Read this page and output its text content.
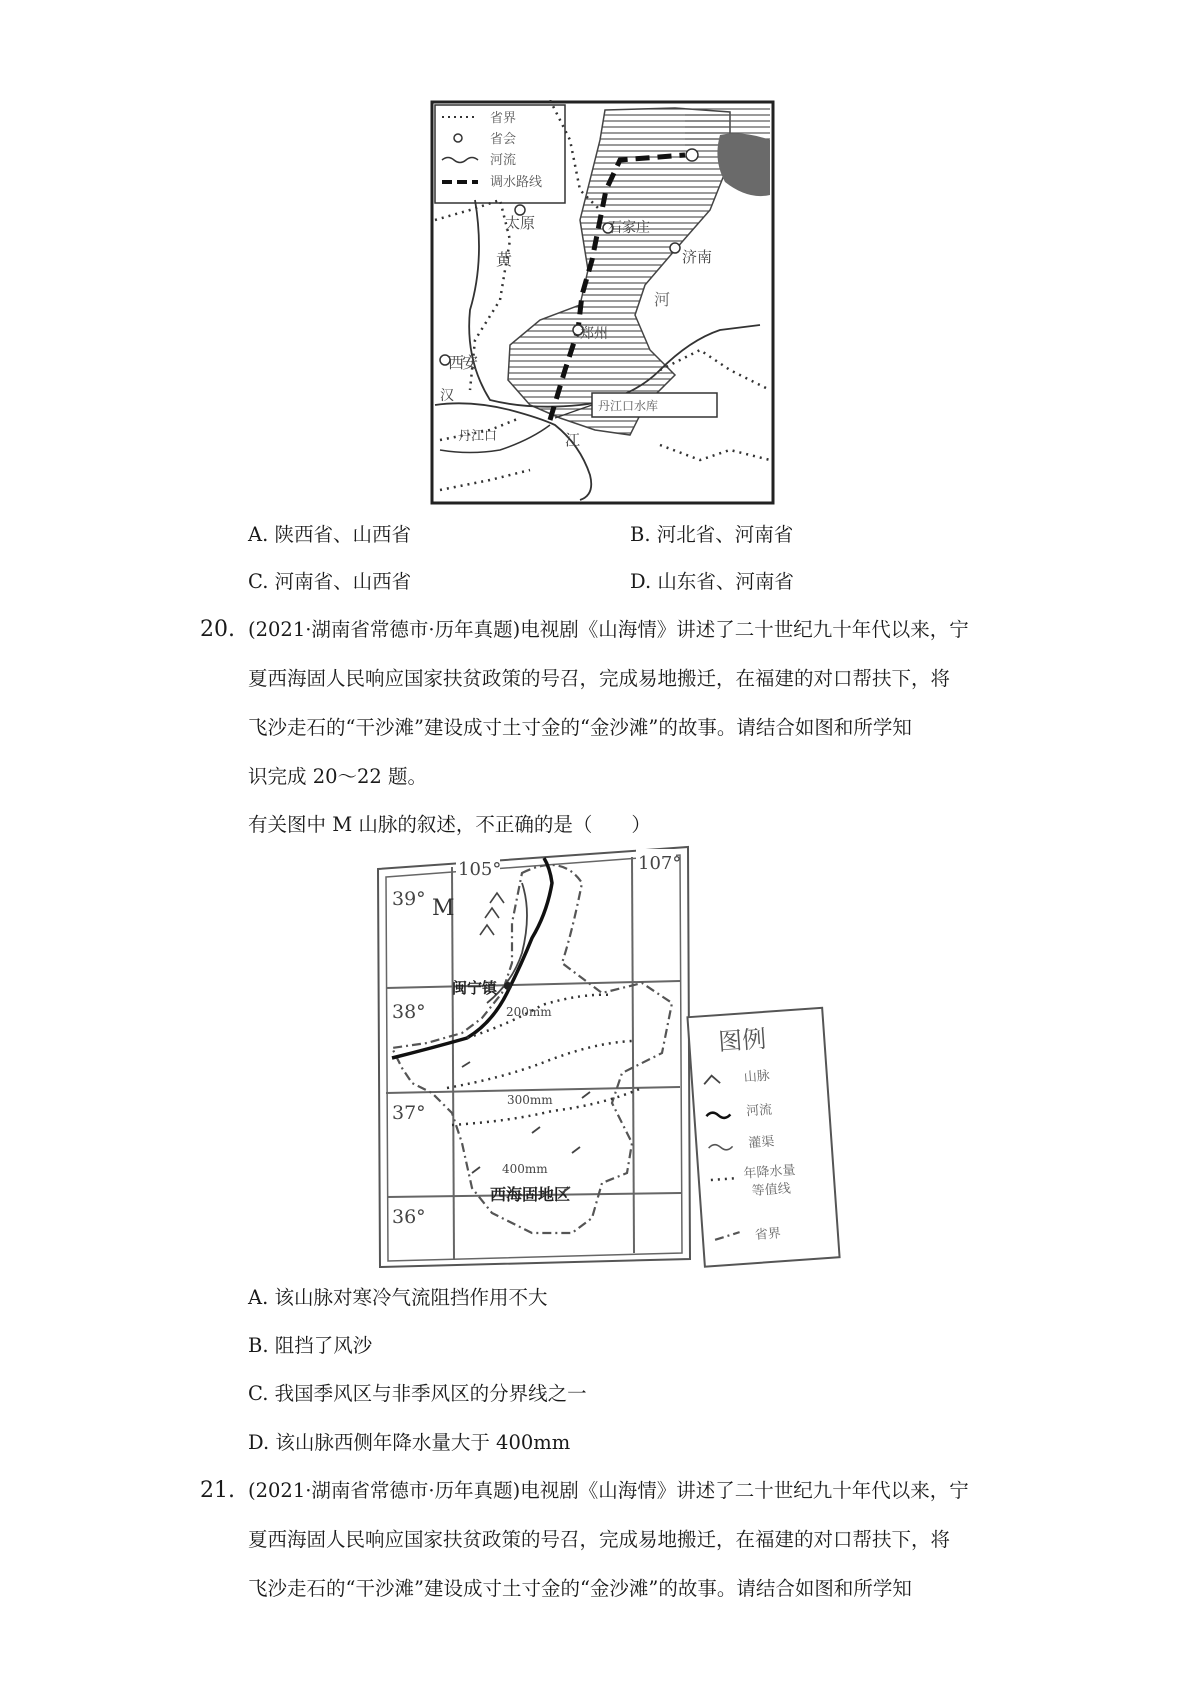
省界
省会
河流
调水路线
太原	石家庄
济南
黄
河
郑州
西安
汉
丹江口	江
丹江口水库
A. 陕西省、山西省	B. 河北省、河南省
C. 河南省、山西省	D. 山东省、河南省
20. (2021·湖南省常德市·历年真题)电视剧《山海情》讲述了二十世纪九十年代以来，宁
夏西海固人民响应国家扶贫政策的号召，完成易地搬迁，在福建的对口帮扶下，将
飞沙走石的“干沙滩”建设成寸土寸金的“金沙滩”的故事。请结合如图和所学知
识完成 20～22 题。
有关图中 M 山脉的叙述，不正确的是（　　）
105°	107°
39°
38°
37°
36°
M
200mm
300mm
400mm
闽宁镇
西海固地区
图例
山脉
河流
灌渠
年降水量
等值线
省界
A. 该山脉对寒冷气流阻挡作用不大
B. 阻挡了风沙
C. 我国季风区与非季风区的分界线之一
D. 该山脉西侧年降水量大于 400mm
21. (2021·湖南省常德市·历年真题)电视剧《山海情》讲述了二十世纪九十年代以来，宁
夏西海固人民响应国家扶贫政策的号召，完成易地搬迁，在福建的对口帮扶下，将
飞沙走石的“干沙滩”建设成寸土寸金的“金沙滩”的故事。请结合如图和所学知
